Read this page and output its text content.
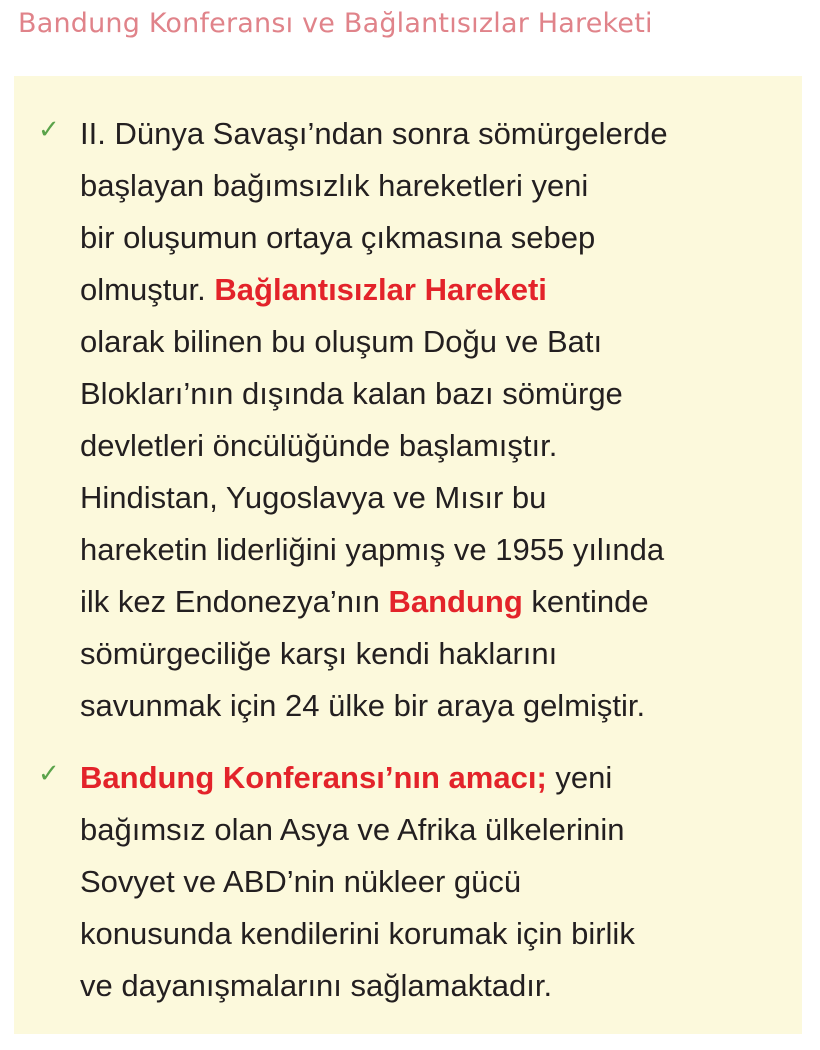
Bandung Konferansı ve Bağlantısızlar Hareketi
✓ II. Dünya Savaşı’ndan sonra sömürgelerde
başlayan bağımsızlık hareketleri yeni
bir oluşumun ortaya çıkmasına sebep
olmuştur. Bağlantısızlar Hareketi
olarak bilinen bu oluşum Doğu ve Batı
Blokları’nın dışında kalan bazı sömürge
devletleri öncülüğünde başlamıştır.
Hindistan, Yugoslavya ve Mısır bu
hareketin liderliğini yapmış ve 1955 yılında
ilk kez Endonezya’nın Bandung kentinde
sömürgeciliğe karşı kendi haklarını
savunmak için 24 ülke bir araya gelmiştir.
✓ Bandung Konferansı’nın amacı; yeni
bağımsız olan Asya ve Afrika ülkelerinin
Sovyet ve ABD’nin nükleer gücü
konusunda kendilerini korumak için birlik
ve dayanışmalarını sağlamaktadır.
